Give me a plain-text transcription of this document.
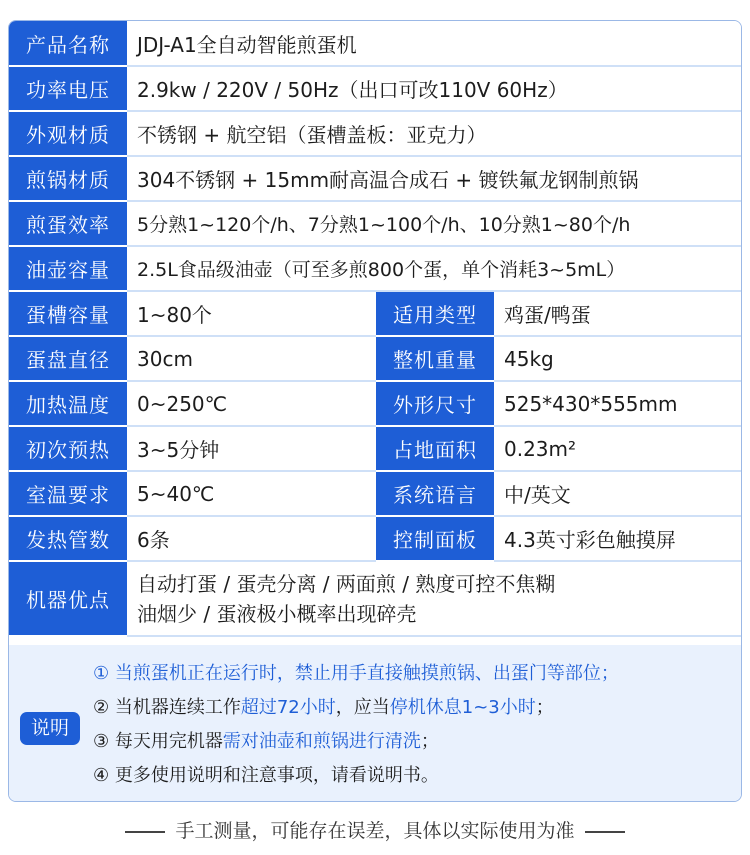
产品名称	JDJ-A1全自动智能煎蛋机		
功率电压	2.9kw / 220V / 50Hz（出口可改110V 60Hz）		
外观材质	不锈钢 + 航空铝（蛋槽盖板：亚克力）		
煎锅材质	304不锈钢 + 15mm耐高温合成石 + 镀铁氟龙钢制煎锅		
煎蛋效率	5分熟1~120个/h、7分熟1~100个/h、10分熟1~80个/h		
油壶容量	2.5L食品级油壶（可至多煎800个蛋，单个消耗3~5mL）		
蛋槽容量	1~80个	适用类型	鸡蛋/鸭蛋
蛋盘直径	30cm	整机重量	45kg
加热温度	0~250℃	外形尺寸	525*430*555mm
初次预热	3~5分钟	占地面积	0.23m²
室温要求	5~40℃	系统语言	中/英文
发热管数	6条	控制面板	4.3英寸彩色触摸屏
机器优点	自动打蛋 / 蛋壳分离 / 两面煎 / 熟度可控不焦糊
油烟少 / 蛋液极小概率出现碎壳		
说明
① 当煎蛋机正在运行时，禁止用手直接触摸煎锅、出蛋门等部位；
② 当机器连续工作超过72小时，应当停机休息1~3小时；
③ 每天用完机器需对油壶和煎锅进行清洗；
④ 更多使用说明和注意事项，请看说明书。
手工测量，可能存在误差，具体以实际使用为准
